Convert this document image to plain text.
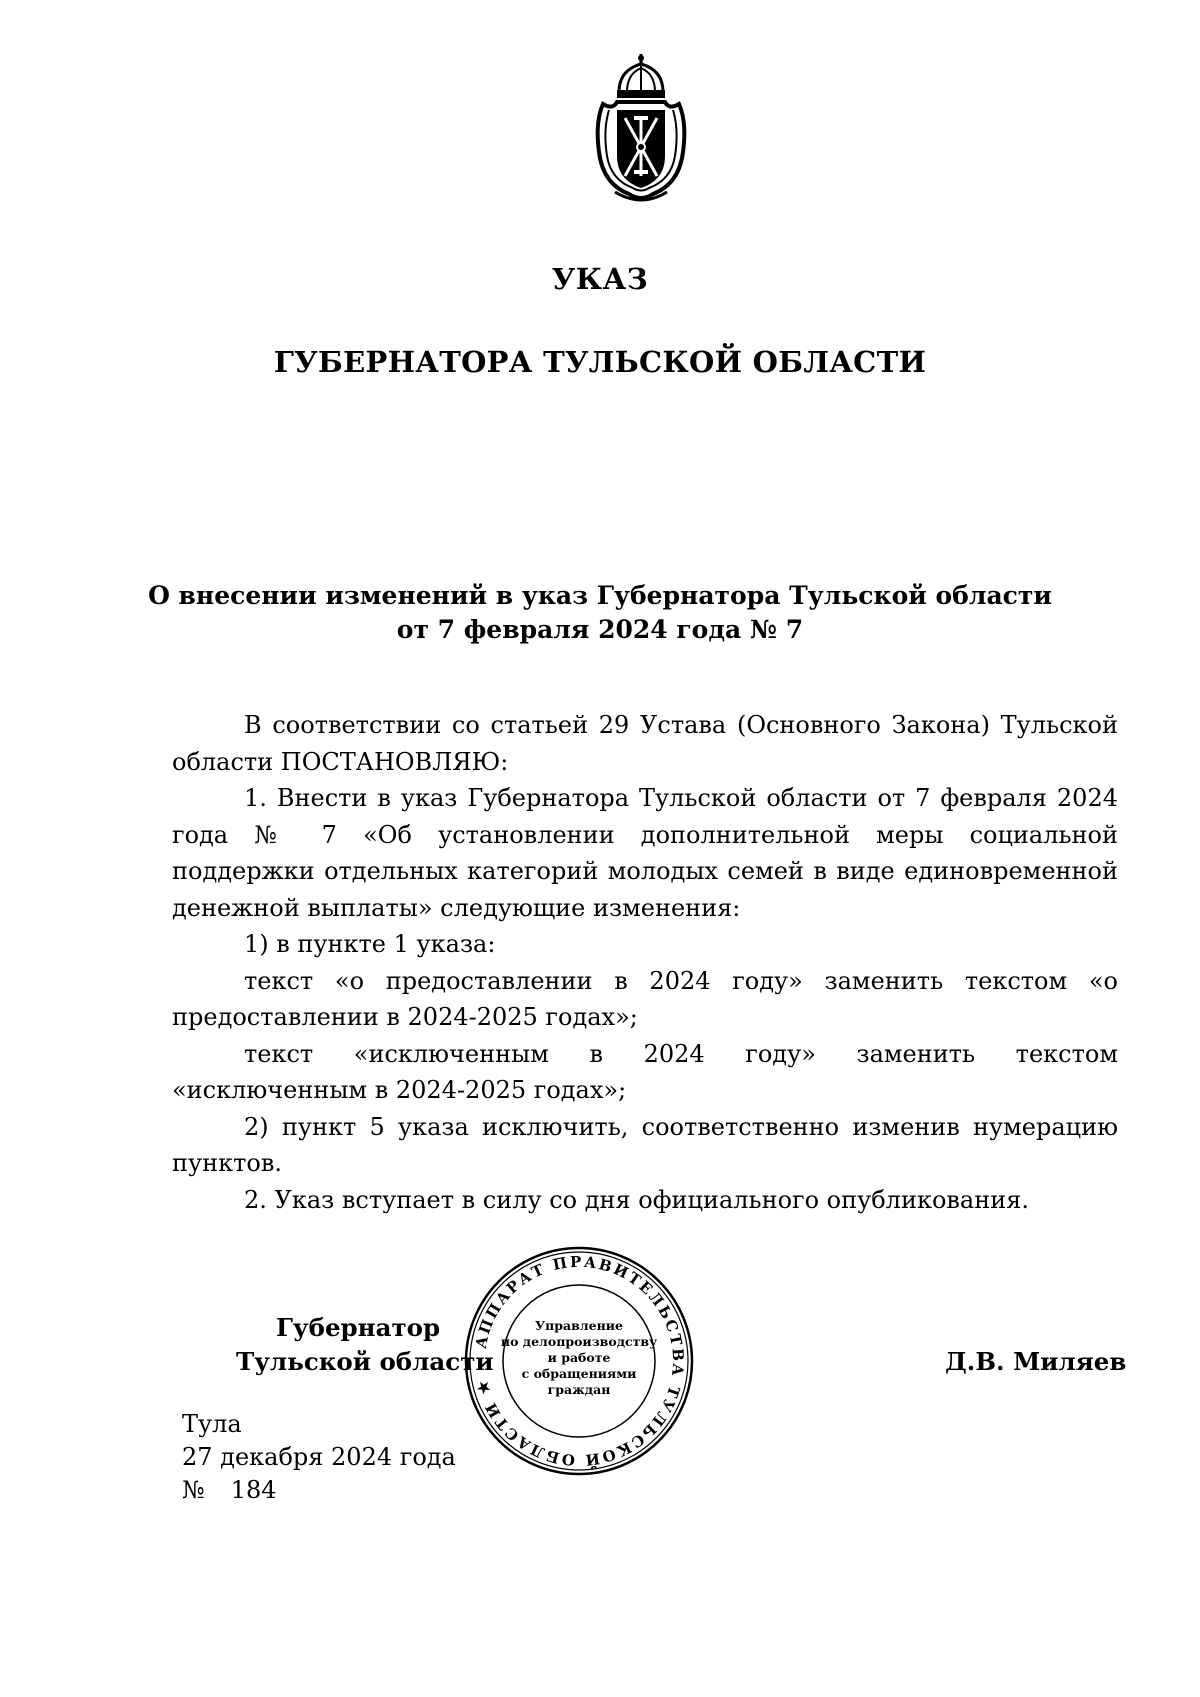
УКАЗ
ГУБЕРНАТОРА ТУЛЬСКОЙ ОБЛАСТИ
О внесении изменений в указ Губернатора Тульской области
от 7 февраля 2024 года № 7

В соответствии со статьей 29 Устава (Основного Закона) Тульской области ПОСТАНОВЛЯЮ:

1. Внести в указ Губернатора Тульской области от 7 февраля 2024 года № 7 «Об установлении дополнительной меры социальной поддержки отдельных категорий молодых семей в виде единовременной денежной выплаты» следующие изменения:

1) в пункте 1 указа:

текст «о предоставлении в 2024 году» заменить текстом «о предоставлении в 2024-2025 годах»;

текст «исключенным в 2024 году» заменить текстом «исключенным в 2024-2025 годах»;

2) пункт 5 указа исключить, соответственно изменив нумерацию пунктов.

2. Указ вступает в силу со дня официального опубликования.

Губернатор
Тульской области	Д.В. Миляев
АППАРАТ ПРАВИТЕЛЬСТВА ТУЛЬСКОЙ ОБЛАСТИ ★
Управление
по делопроизводству
и работе
с обращениями
граждан
Тула
27 декабря 2024 года
№ 184
